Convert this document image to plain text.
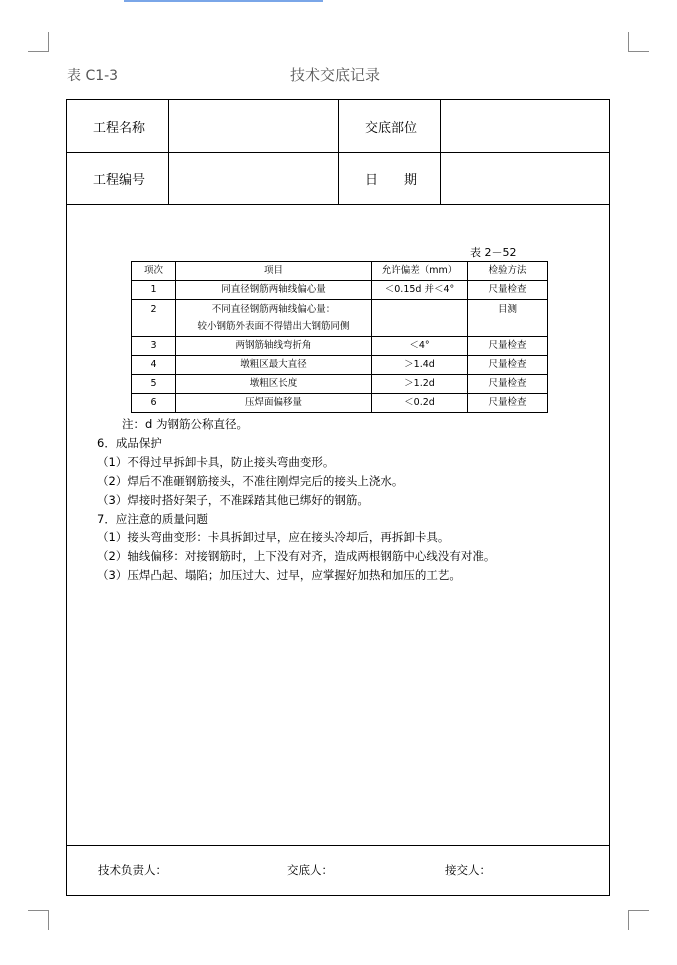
表 C1-3	技术交底记录
工程名称	交底部位
工程编号	日　　期
表 2－52
项次	项目	允许偏差（mm）	检验方法
1	同直径钢筋两轴线偏心量	＜0.15d 并＜4°	尺量检查
2	不同直径钢筋两轴线偏心量：
较小钢筋外表面不得错出大钢筋同侧		目测
3	两钢筋轴线弯折角	＜4°	尺量检查
4	墩粗区最大直径	＞1.4d	尺量检查
5	墩粗区长度	＞1.2d	尺量检查
6	压焊面偏移量	＜0.2d	尺量检查
注：d 为钢筋公称直径。
6．成品保护
（1）不得过早拆卸卡具，防止接头弯曲变形。
（2）焊后不准砸钢筋接头，不准往刚焊完后的接头上浇水。
（3）焊接时搭好架子，不准踩踏其他已绑好的钢筋。
7．应注意的质量问题
（1）接头弯曲变形：卡具拆卸过早，应在接头冷却后，再拆卸卡具。
（2）轴线偏移：对接钢筋时，上下没有对齐，造成两根钢筋中心线没有对准。
（3）压焊凸起、塌陷；加压过大、过早，应掌握好加热和加压的工艺。
技术负责人：	交底人：	接交人：
